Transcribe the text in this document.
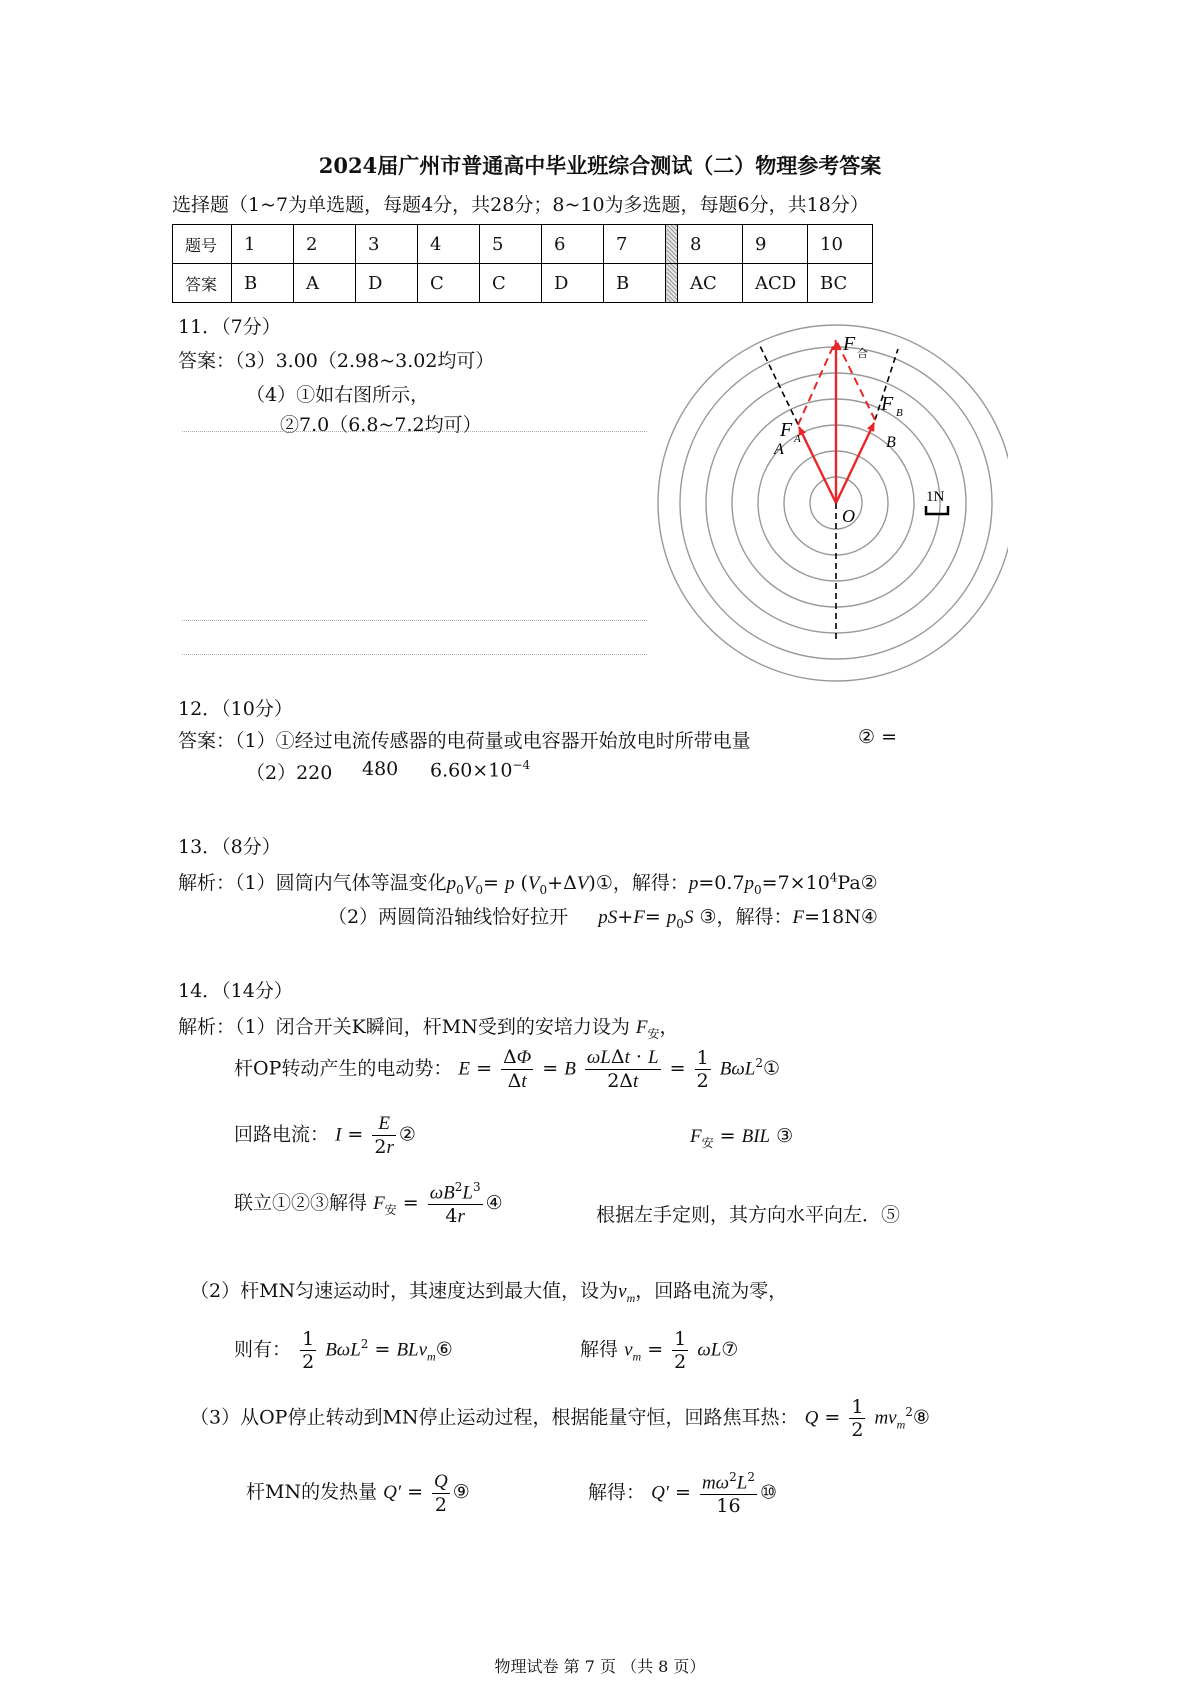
2024届广州市普通高中毕业班综合测试（二）物理参考答案
选择题（1~7为单选题，每题4分，共28分；8~10为多选题，每题6分，共18分）
题号	1	2	3	4	5	6	7		8	9	10
答案	B	A	D	C	C	D	B		AC	ACD	BC
11．（7分）
答案：（3）3.00（2.98~3.02均可）
（4）①如右图所示，
②7.0（6.8~7.2均可）
F 合
F B
B
F A
A
O
1N
12．（10分）
答案：（1）①经过电流传感器的电荷量或电容器开始放电时所带电量	② =
（2）220 480 $6.60\times 10^{-4}$
13．（8分）
解析：（1）圆筒内气体等温变化$p_0V_0= p$ $(V_0+\Delta V)①$，解得：$p=0.7p_0=7\times 10^4Pa②$
（2）两圆筒沿轴线恰好拉开 $pS+F= p_0S$ ③，解得：F=18N④
14．（14分）
解析：（1）闭合开关K瞬间，杆MN受到的安培力设为 $F_安$，
杆OP转动产生的电动势： $E = \frac{\Delta\Phi}{\Delta t} = B \frac{\text{ωLΔt · L}}{2\Delta t} = \frac{1}{2}$ BωL$^2$①
回路电流： $I = \frac{E}{2r}$ ②	$F_安$ = BIL ③
联立①②③解得 $F_安 = \frac{\omega B^2L^3}{4r}$ ④
根据左手定则，其方向水平向左．⑤
（2）杆MN匀速运动时，其速度达到最大值，设为$v_m$，回路电流为零，
则有： $\frac{1}{2} B\omega L^2$ = BLv$_m$⑥	解得 $v_m = \frac{1}{2}$ ωL⑦
（3）从OP停止转动到MN停止运动过程，根据能量守恒，回路焦耳热： $Q = \frac{1}{2}$ $mv_m^2⑧$
杆MN的发热量 $Q' = \frac{Q}{2}$ ⑨	解得： $Q' = \frac{m\omega^2L^2}{16}$ ⑩
物理试卷 第 7 页 （共 8 页）
